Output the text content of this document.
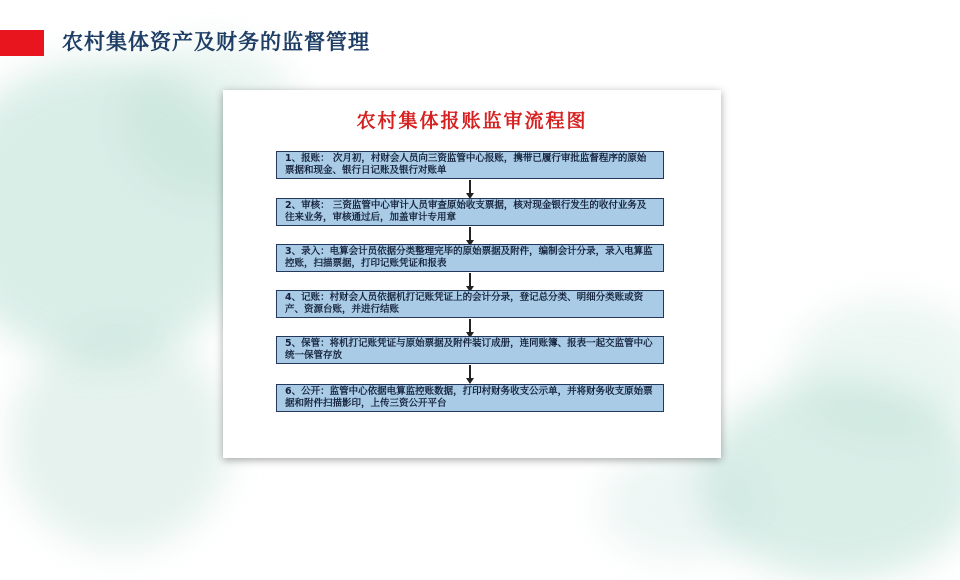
农村集体资产及财务的监督管理
农村集体报账监审流程图
1、报账： 次月初，村财会人员向三资监管中心报账，携带已履行审批监督程序的原始票据和现金、银行日记账及银行对账单
2、审核： 三资监管中心审计人员审查原始收支票据，核对现金银行发生的收付业务及往来业务，审核通过后，加盖审计专用章
3、录入：电算会计员依据分类整理完毕的原始票据及附件，编制会计分录，录入电算监控账，扫描票据，打印记账凭证和报表
4、记账：村财会人员依据机打记账凭证上的会计分录，登记总分类、明细分类账或资产、资源台账，并进行结账
5、保管：将机打记账凭证与原始票据及附件装订成册，连同账簿、报表一起交监管中心统一保管存放
6、公开：监管中心依据电算监控账数据，打印村财务收支公示单，并将财务收支原始票据和附件扫描影印，上传三资公开平台
